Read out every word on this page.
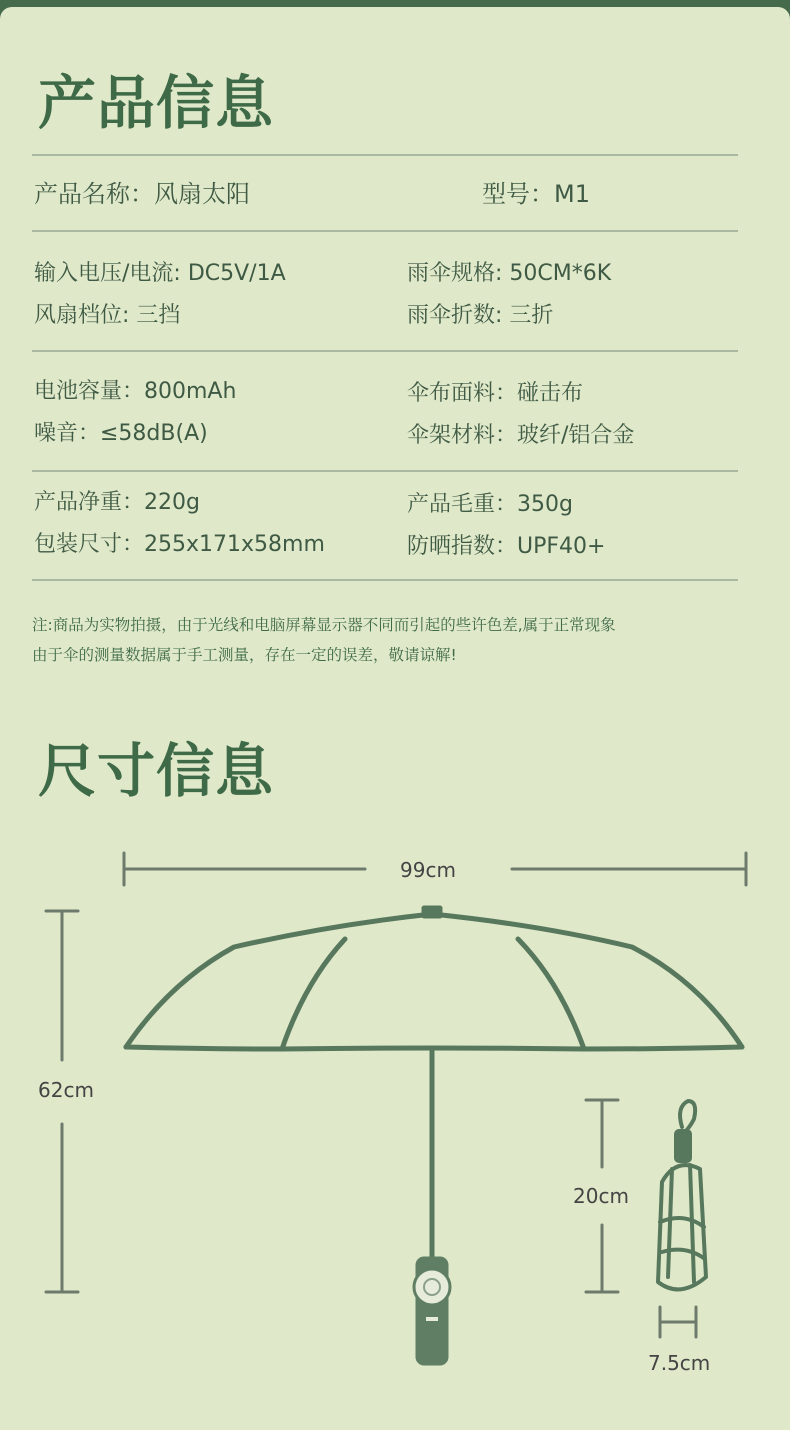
产品信息
产品名称：风扇太阳	型号：M1
输入电压/电流: DC5V/1A	雨伞规格: 50CM*6K
风扇档位: 三挡	雨伞折数: 三折
电池容量：800mAh	伞布面料：碰击布
噪音：≤58dB(A)	伞架材料：玻纤/铝合金
产品净重：220g	产品毛重：350g
包装尺寸：255x171x58mm	防晒指数：UPF40+
注:商品为实物拍摄，由于光线和电脑屏幕显示器不同而引起的些许色差,属于正常现象
由于伞的测量数据属于手工测量，存在一定的误差，敬请谅解!
尺寸信息
99cm
62cm
20cm
7.5cm
